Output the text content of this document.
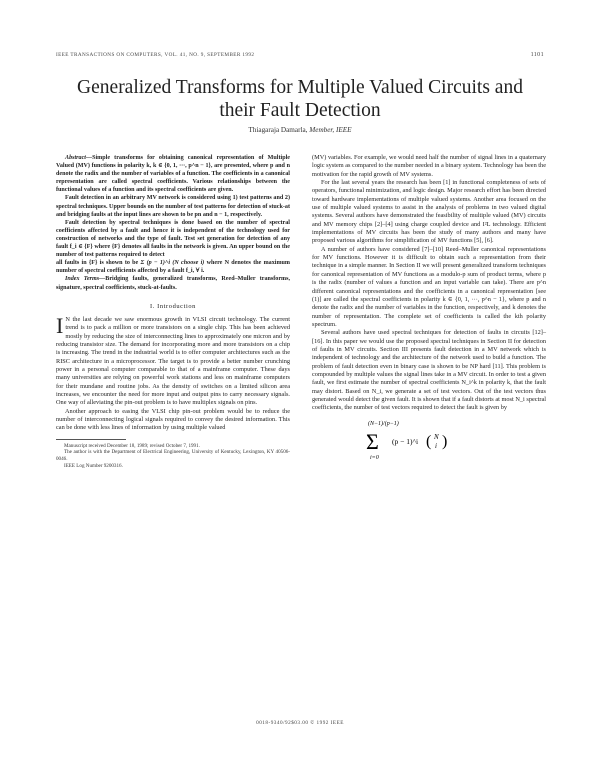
IEEE TRANSACTIONS ON COMPUTERS, VOL. 41, NO. 9, SEPTEMBER 1992	1101
Generalized Transforms for Multiple Valued Circuits and their Fault Detection
Thiagaraja Damarla, Member, IEEE

Abstract—Simple transforms for obtaining canonical representation of Multiple Valued (MV) functions in polarity k, k ∈ {0, 1, ···, p^n − 1}, are presented, where p and n denote the radix and the number of variables of a function. The coefficients in a canonical representation are called spectral coefficients. Various relationships between the functional values of a function and its spectral coefficients are given.

Fault detection in an arbitrary MV network is considered using 1) test patterns and 2) spectral techniques. Upper bounds on the number of test patterns for detection of stuck-at and bridging faults at the input lines are shown to be pn and n − 1, respectively.

Fault detection by spectral techniques is done based on the number of spectral coefficients affected by a fault and hence it is independent of the technology used for construction of networks and the type of fault. Test set generation for detection of any fault f_i ∈ {F} where {F} denotes all faults in the network is given. An upper bound on the number of test patterns required to detect

all faults in {F} is shown to be Σ (p − 1)^i (N choose i) where N denotes the maximum number of spectral coefficients affected by a fault f_i, ∀ i.

Index Terms—Bridging faults, generalized transforms, Reed–Muller transforms, signature, spectral coefficients, stuck-at-faults.

I. Introduction

I N the last decade we saw enormous growth in VLSI circuit technology. The current trend is to pack a million or more transistors on a single chip. This has been achieved mostly by reducing the size of interconnecting lines to approximately one micron and by reducing transistor size. The demand for incorporating more and more transistors on a chip is increasing. The trend in the industrial world is to offer computer architectures such as the RISC architecture in a microprocessor. The target is to provide a better number crunching power in a personal computer comparable to that of a mainframe computer. These days many universities are relying on powerful work stations and less on mainframe computers for their mundane and routine jobs. As the density of switches on a limited silicon area increases, we encounter the need for more input and output pins to carry necessary signals. One way of alleviating the pin-out problem is to have multiplex signals on pins.

Another approach to easing the VLSI chip pin-out problem would be to reduce the number of interconnecting logical signals required to convey the desired information. This can be done with less lines of information by using multiple valued

Manuscript received December 18, 1989; revised October 7, 1991.

The author is with the Department of Electrical Engineering, University of Kentucky, Lexington, KY 40506-0046.

IEEE Log Number 9200316.

(MV) variables. For example, we would need half the number of signal lines in a quaternary logic system as compared to the number needed in a binary system. Technology has been the motivation for the rapid growth of MV systems.

For the last several years the research has been [1] in functional completeness of sets of operators, functional minimization, and logic design. Major research effort has been directed toward hardware implementations of multiple valued systems. Another area focused on the use of multiple valued systems to assist in the analysis of problems in two valued digital systems. Several authors have demonstrated the feasibility of multiple valued (MV) circuits and MV memory chips [2]–[4] using charge coupled device and I²L technology. Efficient implementations of MV circuits has been the study of many authors and many have proposed various algorithms for simplification of MV functions [5], [6].

A number of authors have considered [7]–[10] Reed–Muller canonical representations for MV functions. However it is difficult to obtain such a representation from their technique in a simple manner. In Section II we will present generalized transform techniques for canonical representation of MV functions as a modulo-p sum of product terms, where p is the radix (number of values a function and an input variable can take). There are p^n different canonical representations and the coefficients in a canonical representation [see (1)] are called the spectral coefficients in polarity k ∈ {0, 1, ···, p^n − 1}, where p and n denote the radix and the number of variables in the function, respectively, and k denotes the number of representation. The complete set of coefficients is called the kth polarity spectrum.

Several authors have used spectral techniques for detection of faults in circuits [12]–[16]. In this paper we would use the proposed spectral techniques in Section II for detection of faults in MV circuits. Section III presents fault detection in a MV network which is independent of technology and the architecture of the network used to build a function. The problem of fault detection even in binary case is shown to be NP hard [11]. This problem is compounded by multiple values the signal lines take in a MV circuit. In order to test a given fault, we first estimate the number of spectral coefficients N_i^k in polarity k, that the fault may distort. Based on N_i, we generate a set of test vectors. Out of the test vectors thus generated would detect the given fault. It is shown that if a fault distorts at most N_i spectral coefficients, the number of test vectors required to detect the fault is given by

(N−1)/(p−1)
Σ
i=0
(p − 1)^i ( N
i )
0018-9340/92$03.00 © 1992 IEEE
